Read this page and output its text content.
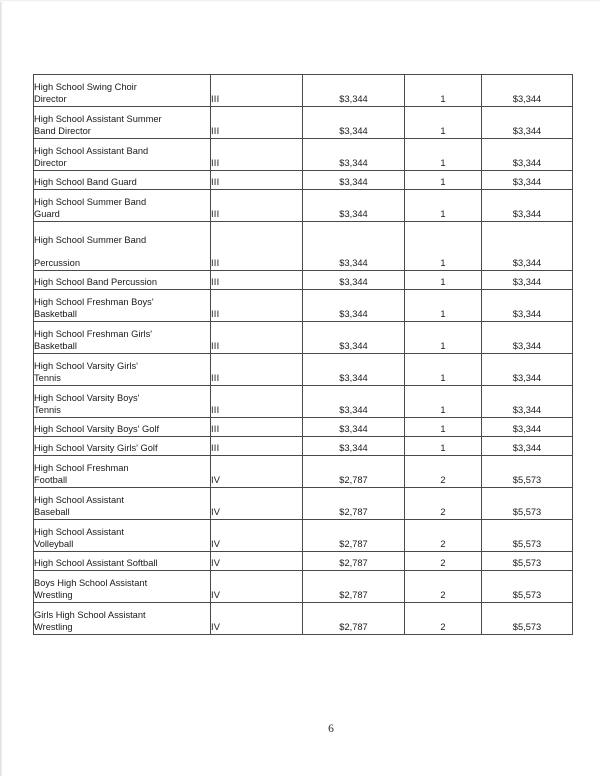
High School Swing Choir
Director	III	$3,344	1	$3,344
High School Assistant Summer
Band Director	III	$3,344	1	$3,344
High School Assistant Band
Director	III	$3,344	1	$3,344
High School Band Guard	III	$3,344	1	$3,344
High School Summer Band
Guard	III	$3,344	1	$3,344
High School Summer Band
Percussion	III	$3,344	1	$3,344
High School Band Percussion	III	$3,344	1	$3,344
High School Freshman Boys'
Basketball	III	$3,344	1	$3,344
High School Freshman Girls'
Basketball	III	$3,344	1	$3,344
High School Varsity Girls'
Tennis	III	$3,344	1	$3,344
High School Varsity Boys'
Tennis	III	$3,344	1	$3,344
High School Varsity Boys' Golf	III	$3,344	1	$3,344
High School Varsity Girls' Golf	III	$3,344	1	$3,344
High School Freshman
Football	IV	$2,787	2	$5,573
High School Assistant
Baseball	IV	$2,787	2	$5,573
High School Assistant
Volleyball	IV	$2,787	2	$5,573
High School Assistant Softball	IV	$2,787	2	$5,573
Boys High School Assistant
Wrestling	IV	$2,787	2	$5,573
Girls High School Assistant
Wrestling	IV	$2,787	2	$5,573
6
